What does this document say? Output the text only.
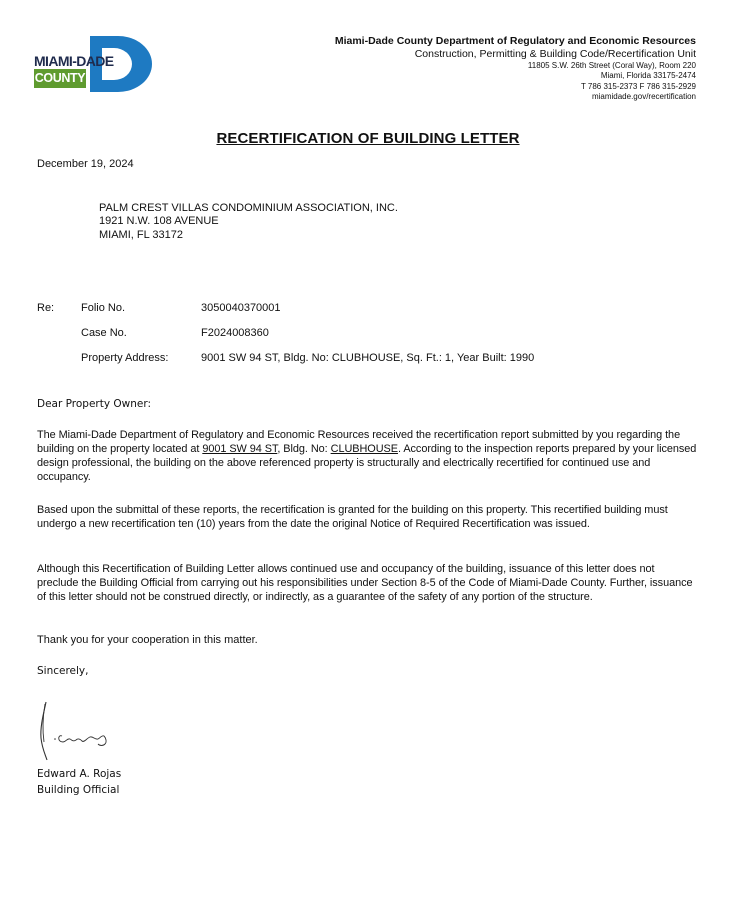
MIAMI-DADE
COUNTY
Miami-Dade County Department of Regulatory and Economic Resources
Construction, Permitting & Building Code/Recertification Unit
11805 S.W. 26th Street (Coral Way), Room 220
Miami, Florida 33175-2474
T 786 315-2373 F 786 315-2929
miamidade.gov/recertification
RECERTIFICATION OF BUILDING LETTER
December 19, 2024
PALM CREST VILLAS CONDOMINIUM ASSOCIATION, INC.
1921 N.W. 108 AVENUE
MIAMI, FL 33172
Re: Folio No.	3050040370001
Case No.	F2024008360
Property Address:	9001 SW 94 ST, Bldg. No: CLUBHOUSE, Sq. Ft.: 1, Year Built: 1990
Dear Property Owner:
The Miami-Dade Department of Regulatory and Economic Resources received the recertification report submitted by you regarding the building on the property located at 9001 SW 94 ST, Bldg. No: CLUBHOUSE. According to the inspection reports prepared by your licensed design professional, the building on the above referenced property is structurally and electrically recertified for continued use and occupancy.
Based upon the submittal of these reports, the recertification is granted for the building on this property. This recertified building must undergo a new recertification ten (10) years from the date the original Notice of Required Recertification was issued.
Although this Recertification of Building Letter allows continued use and occupancy of the building, issuance of this letter does not preclude the Building Official from carrying out his responsibilities under Section 8-5 of the Code of Miami-Dade County. Further, issuance of this letter should not be construed directly, or indirectly, as a guarantee of the safety of any portion of the structure.
Thank you for your cooperation in this matter.
Sincerely,
Edward A. Rojas
Building Official
